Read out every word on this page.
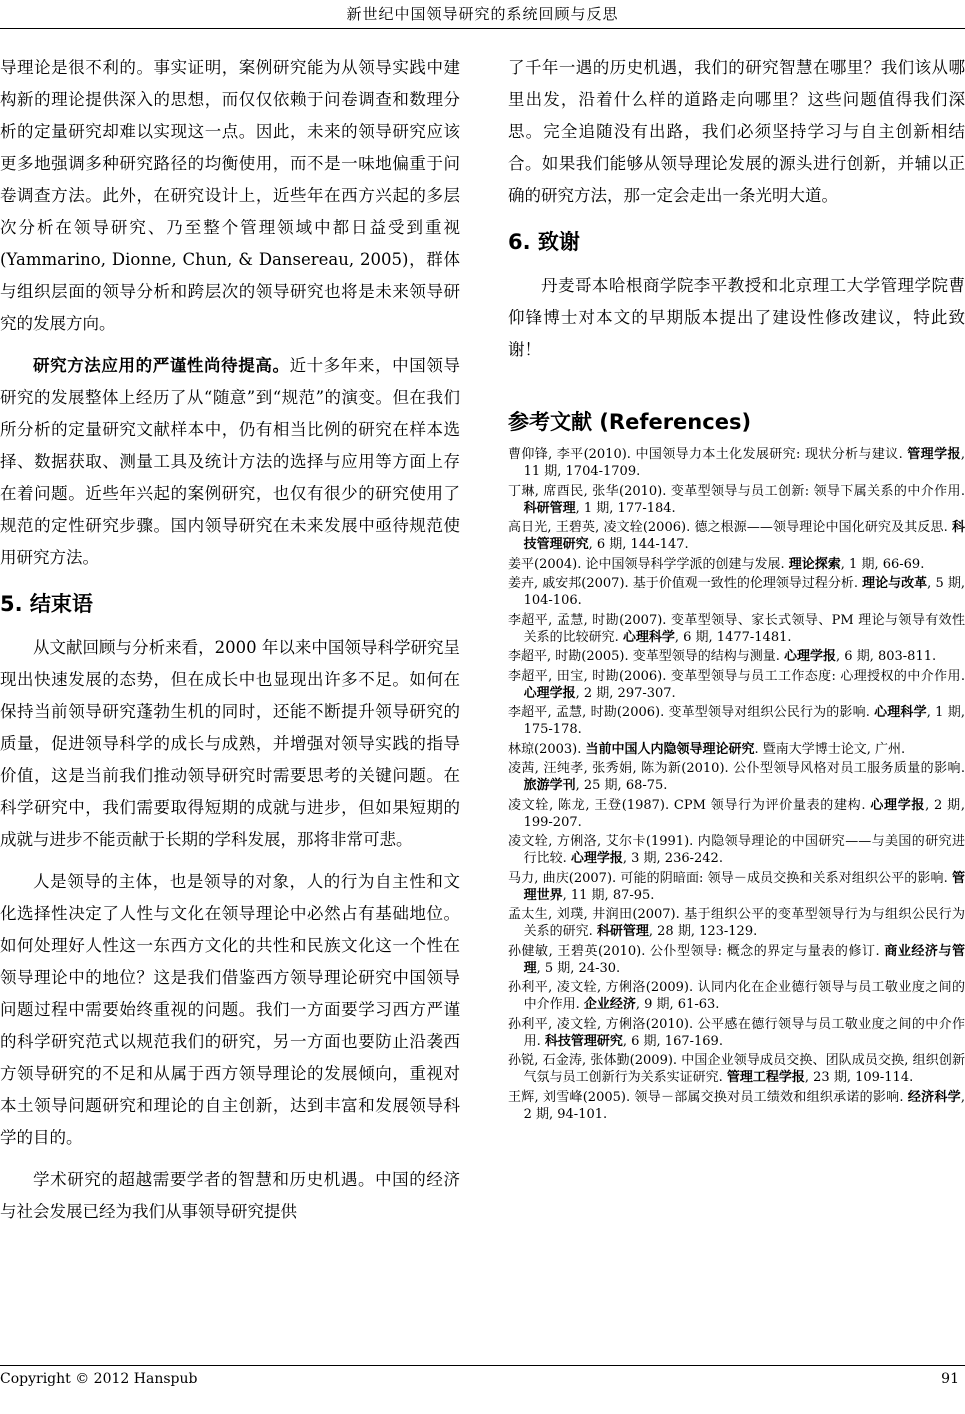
新世纪中国领导研究的系统回顾与反思

导理论是很不利的。事实证明，案例研究能为从领导实践中建构新的理论提供深入的思想，而仅仅依赖于问卷调查和数理分析的定量研究却难以实现这一点。因此，未来的领导研究应该更多地强调多种研究路径的均衡使用，而不是一味地偏重于问卷调查方法。此外，在研究设计上，近些年在西方兴起的多层次分析在领导研究、乃至整个管理领域中都日益受到重视(Yammarino, Dionne, Chun, & Dansereau, 2005)，群体与组织层面的领导分析和跨层次的领导研究也将是未来领导研究的发展方向。

研究方法应用的严谨性尚待提高。近十多年来，中国领导研究的发展整体上经历了从“随意”到“规范”的演变。但在我们所分析的定量研究文献样本中，仍有相当比例的研究在样本选择、数据获取、测量工具及统计方法的选择与应用等方面上存在着问题。近些年兴起的案例研究，也仅有很少的研究使用了规范的定性研究步骤。国内领导研究在未来发展中亟待规范使用研究方法。

5. 结束语

从文献回顾与分析来看，2000 年以来中国领导科学研究呈现出快速发展的态势，但在成长中也显现出许多不足。如何在保持当前领导研究蓬勃生机的同时，还能不断提升领导研究的质量，促进领导科学的成长与成熟，并增强对领导实践的指导价值，这是当前我们推动领导研究时需要思考的关键问题。在科学研究中，我们需要取得短期的成就与进步，但如果短期的成就与进步不能贡献于长期的学科发展，那将非常可悲。

人是领导的主体，也是领导的对象，人的行为自主性和文化选择性决定了人性与文化在领导理论中必然占有基础地位。如何处理好人性这一东西方文化的共性和民族文化这一个性在领导理论中的地位？这是我们借鉴西方领导理论研究中国领导问题过程中需要始终重视的问题。我们一方面要学习西方严谨的科学研究范式以规范我们的研究，另一方面也要防止沿袭西方领导研究的不足和从属于西方领导理论的发展倾向，重视对本土领导问题研究和理论的自主创新，达到丰富和发展领导科学的目的。

学术研究的超越需要学者的智慧和历史机遇。中国的经济与社会发展已经为我们从事领导研究提供

了千年一遇的历史机遇，我们的研究智慧在哪里？我们该从哪里出发，沿着什么样的道路走向哪里？这些问题值得我们深思。完全追随没有出路，我们必须坚持学习与自主创新相结合。如果我们能够从领导理论发展的源头进行创新，并辅以正确的研究方法，那一定会走出一条光明大道。

6. 致谢

丹麦哥本哈根商学院李平教授和北京理工大学管理学院曹仰锋博士对本文的早期版本提出了建设性修改建议，特此致谢！

参考文献 (References)
曹仰锋, 李平(2010). 中国领导力本土化发展研究: 现状分析与建议. 管理学报, 11 期, 1704-1709.
丁琳, 席酉民, 张华(2010). 变革型领导与员工创新: 领导下属关系的中介作用. 科研管理, 1 期, 177-184.
高日光, 王碧英, 凌文辁(2006). 德之根源——领导理论中国化研究及其反思. 科技管理研究, 6 期, 144-147.
姜平(2004). 论中国领导科学学派的创建与发展. 理论探索, 1 期, 66-69.
姜卉, 戚安邦(2007). 基于价值观一致性的伦理领导过程分析. 理论与改革, 5 期, 104-106.
李超平, 孟慧, 时勘(2007). 变革型领导、家长式领导、PM 理论与领导有效性关系的比较研究. 心理科学, 6 期, 1477-1481.
李超平, 时勘(2005). 变革型领导的结构与测量. 心理学报, 6 期, 803-811.
李超平, 田宝, 时勘(2006). 变革型领导与员工工作态度: 心理授权的中介作用. 心理学报, 2 期, 297-307.
李超平, 孟慧, 时勘(2006). 变革型领导对组织公民行为的影响. 心理科学, 1 期, 175-178.
林琼(2003). 当前中国人内隐领导理论研究. 暨南大学博士论文, 广州.
凌茜, 汪纯孝, 张秀娟, 陈为新(2010). 公仆型领导风格对员工服务质量的影响. 旅游学刊, 25 期, 68-75.
凌文辁, 陈龙, 王登(1987). CPM 领导行为评价量表的建构. 心理学报, 2 期, 199-207.
凌文辁, 方俐洛, 艾尔卡(1991). 内隐领导理论的中国研究——与美国的研究进行比较. 心理学报, 3 期, 236-242.
马力, 曲庆(2007). 可能的阴暗面: 领导－成员交换和关系对组织公平的影响. 管理世界, 11 期, 87-95.
孟太生, 刘璞, 井润田(2007). 基于组织公平的变革型领导行为与组织公民行为关系的研究. 科研管理, 28 期, 123-129.
孙健敏, 王碧英(2010). 公仆型领导: 概念的界定与量表的修订. 商业经济与管理, 5 期, 24-30.
孙利平, 凌文辁, 方俐洛(2009). 认同内化在企业德行领导与员工敬业度之间的中介作用. 企业经济, 9 期, 61-63.
孙利平, 凌文辁, 方俐洛(2010). 公平感在德行领导与员工敬业度之间的中介作用. 科技管理研究, 6 期, 167-169.
孙锐, 石金涛, 张体勤(2009). 中国企业领导成员交换、团队成员交换, 组织创新气氛与员工创新行为关系实证研究. 管理工程学报, 23 期, 109-114.
王辉, 刘雪峰(2005). 领导－部属交换对员工绩效和组织承诺的影响. 经济科学, 2 期, 94-101.
Copyright © 2012 Hanspub	91
